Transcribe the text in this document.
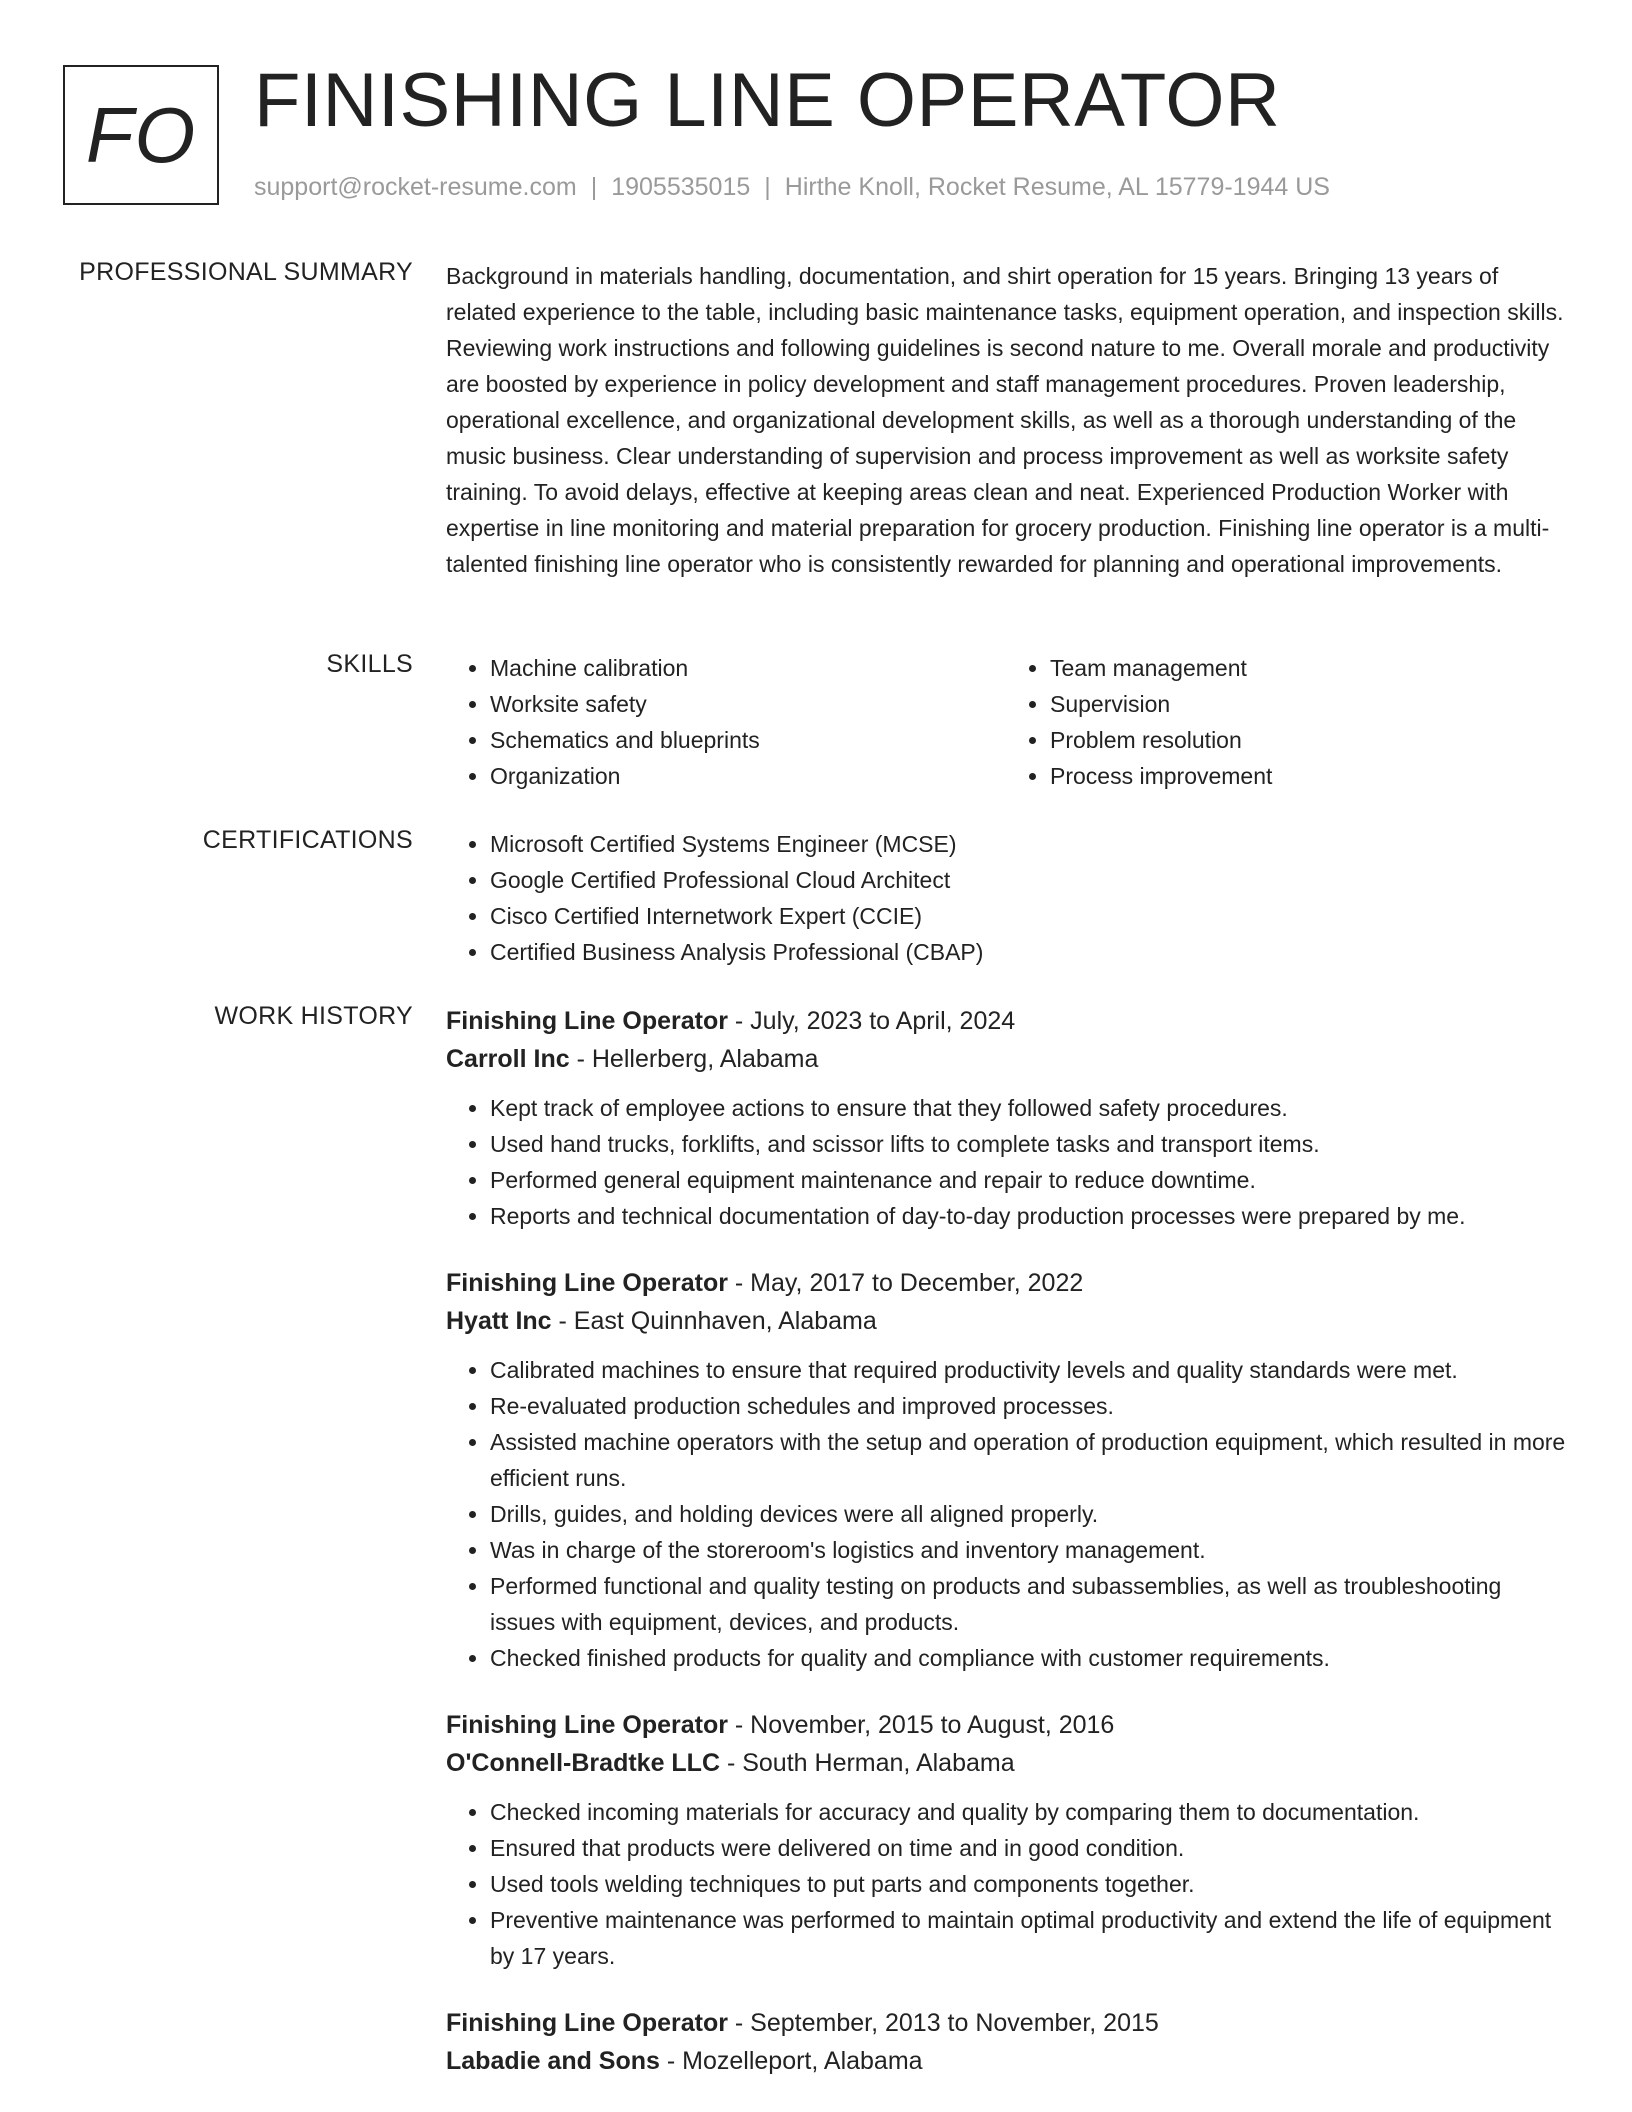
FO FINISHING LINE OPERATOR
support@rocket-resume.com | 1905535015 | Hirthe Knoll, Rocket Resume, AL 15779-1944 US
PROFESSIONAL SUMMARY Background in materials handling, documentation, and shirt operation for 15 years. Bringing 13 years of related experience to the table, including basic maintenance tasks, equipment operation, and inspection skills. Reviewing work instructions and following guidelines is second nature to me. Overall morale and productivity are boosted by experience in policy development and staff management procedures. Proven leadership, operational excellence, and organizational development skills, as well as a thorough understanding of the music business. Clear understanding of supervision and process improvement as well as worksite safety training. To avoid delays, effective at keeping areas clean and neat. Experienced Production Worker with expertise in line monitoring and material preparation for grocery production. Finishing line operator is a multi-talented finishing line operator who is consistently rewarded for planning and operational improvements.

SKILLS	• Machine calibration
• Worksite safety
• Schematics and blueprints
• Organization
• Team management
• Supervision
• Problem resolution
• Process improvement
CERTIFICATIONS	• Microsoft Certified Systems Engineer (MCSE)
• Google Certified Professional Cloud Architect
• Cisco Certified Internetwork Expert (CCIE)
• Certified Business Analysis Professional (CBAP)
WORK HISTORY Finishing Line Operator - July, 2023 to April, 2024
Carroll Inc - Hellerberg, Alabama
• Kept track of employee actions to ensure that they followed safety procedures.
• Used hand trucks, forklifts, and scissor lifts to complete tasks and transport items.
• Performed general equipment maintenance and repair to reduce downtime.
• Reports and technical documentation of day-to-day production processes were prepared by me.
Finishing Line Operator - May, 2017 to December, 2022
Hyatt Inc - East Quinnhaven, Alabama
• Calibrated machines to ensure that required productivity levels and quality standards were met.
• Re-evaluated production schedules and improved processes.
• Assisted machine operators with the setup and operation of production equipment, which resulted in more efficient runs.
• Drills, guides, and holding devices were all aligned properly.
• Was in charge of the storeroom's logistics and inventory management.
• Performed functional and quality testing on products and subassemblies, as well as troubleshooting issues with equipment, devices, and products.
• Checked finished products for quality and compliance with customer requirements.
Finishing Line Operator - November, 2015 to August, 2016
O'Connell-Bradtke LLC - South Herman, Alabama
• Checked incoming materials for accuracy and quality by comparing them to documentation.
• Ensured that products were delivered on time and in good condition.
• Used tools welding techniques to put parts and components together.
• Preventive maintenance was performed to maintain optimal productivity and extend the life of equipment by 17 years.
Finishing Line Operator - September, 2013 to November, 2015
Labadie and Sons - Mozelleport, Alabama
